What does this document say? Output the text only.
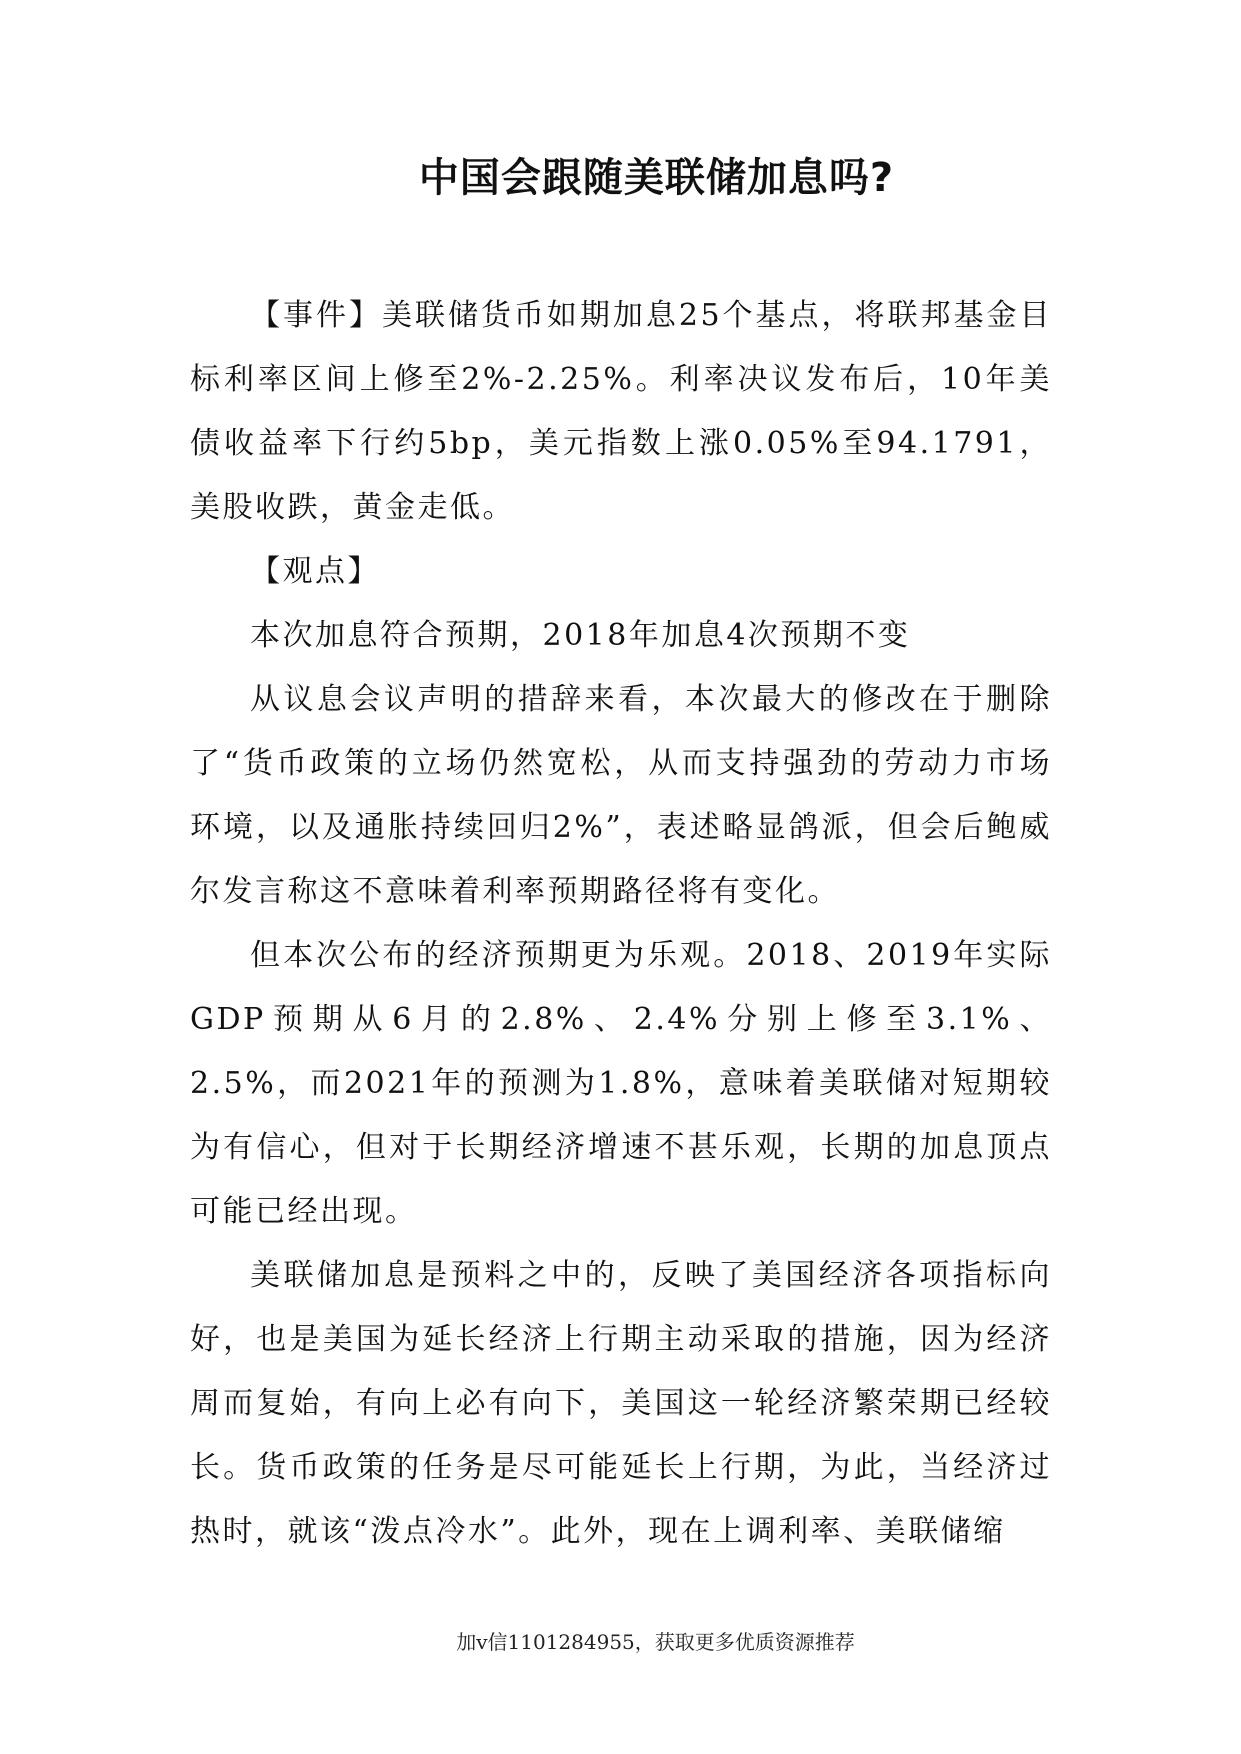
中国会跟随美联储加息吗?

【事件】美联储货币如期加息25个基点，将联邦基金目标利率区间上修至2%-2.25%。利率决议发布后，10年美债收益率下行约5bp，美元指数上涨0.05%至94.1791，美股收跌，黄金走低。

【观点】

本次加息符合预期，2018年加息4次预期不变

从议息会议声明的措辞来看，本次最大的修改在于删除了“货币政策的立场仍然宽松，从而支持强劲的劳动力市场环境，以及通胀持续回归2%”，表述略显鸽派，但会后鲍威尔发言称这不意味着利率预期路径将有变化。

但本次公布的经济预期更为乐观。2018、2019年实际GDP预期从6月的2.8%、2.4%分别上修至3.1%、2.5%，而2021年的预测为1.8%，意味着美联储对短期较为有信心，但对于长期经济增速不甚乐观，长期的加息顶点可能已经出现。

美联储加息是预料之中的，反映了美国经济各项指标向好，也是美国为延长经济上行期主动采取的措施，因为经济周而复始，有向上必有向下，美国这一轮经济繁荣期已经较长。货币政策的任务是尽可能延长上行期，为此，当经济过热时，就该“泼点冷水”。此外，现在上调利率、美联储缩

加v信1101284955，获取更多优质资源推荐
